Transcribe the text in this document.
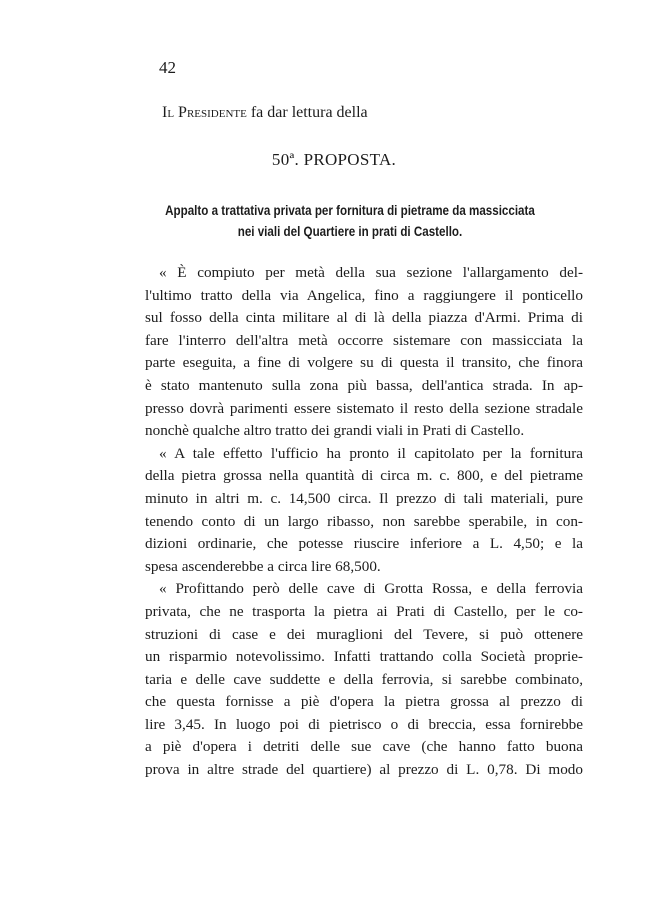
42
Il Presidente fa dar lettura della
50ª. PROPOSTA.
Appalto a trattativa privata per fornitura di pietrame da massicciata
nei viali del Quartiere in prati di Castello.
« È compiuto per metà della sua sezione l'allargamento del-
l'ultimo tratto della via Angelica, fino a raggiungere il ponticello
sul fosso della cinta militare al di là della piazza d'Armi. Prima di
fare l'interro dell'altra metà occorre sistemare con massicciata la
parte eseguita, a fine di volgere su di questa il transito, che finora
è stato mantenuto sulla zona più bassa, dell'antica strada. In ap-
presso dovrà parimenti essere sistemato il resto della sezione stradale
nonchè qualche altro tratto dei grandi viali in Prati di Castello.
« A tale effetto l'ufficio ha pronto il capitolato per la fornitura
della pietra grossa nella quantità di circa m. c. 800, e del pietrame
minuto in altri m. c. 14,500 circa. Il prezzo di tali materiali, pure
tenendo conto di un largo ribasso, non sarebbe sperabile, in con-
dizioni ordinarie, che potesse riuscire inferiore a L. 4,50; e la
spesa ascenderebbe a circa lire 68,500.
« Profittando però delle cave di Grotta Rossa, e della ferrovia
privata, che ne trasporta la pietra ai Prati di Castello, per le co-
struzioni di case e dei muraglioni del Tevere, si può ottenere
un risparmio notevolissimo. Infatti trattando colla Società proprie-
taria e delle cave suddette e della ferrovia, si sarebbe combinato,
che questa fornisse a piè d'opera la pietra grossa al prezzo di
lire 3,45. In luogo poi di pietrisco o di breccia, essa fornirebbe
a piè d'opera i detriti delle sue cave (che hanno fatto buona
prova in altre strade del quartiere) al prezzo di L. 0,78. Di modo
